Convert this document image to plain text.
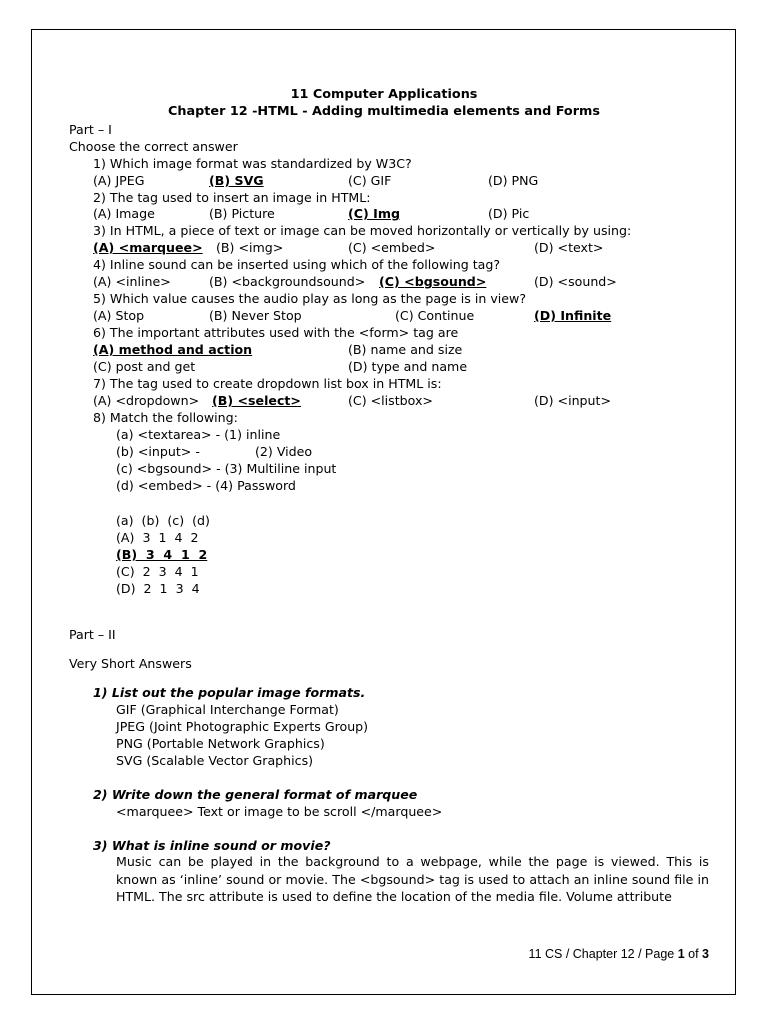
11 Computer Applications
Chapter 12 -HTML - Adding multimedia elements and Forms
Part – I
Choose the correct answer
1) Which image format was standardized by W3C?
(A) JPEG	(B) SVG	(C) GIF	(D) PNG
2) The tag used to insert an image in HTML:
(A) Image	(B) Picture	(C) Img	(D) Pic
3) In HTML, a piece of text or image can be moved horizontally or vertically by using:
(A) <marquee> (B) <img>	(C) <embed>	(D) <text>
4) Inline sound can be inserted using which of the following tag?
(A) <inline>	(B) <backgroundsound> (C) <bgsound>	(D) <sound>
5) Which value causes the audio play as long as the page is in view?
(A) Stop	(B) Never Stop	(C) Continue	(D) Infinite
6) The important attributes used with the <form> tag are
(A) method and action	(B) name and size
(C) post and get	(D) type and name
7) The tag used to create dropdown list box in HTML is:
(A) <dropdown> (B) <select>	(C) <listbox>	(D) <input>
8) Match the following:
(a) <textarea> - (1) inline
(b) <input> -	(2) Video
(c) <bgsound> - (3) Multiline input
(d) <embed> - (4) Password
(a)  (b)  (c)  (d)
(A)  3  1  4  2
(B)  3  4  1  2
(C)  2  3  4  1
(D)  2  1  3  4
Part – II
Very Short Answers
1) List out the popular image formats.
GIF (Graphical Interchange Format)
JPEG (Joint Photographic Experts Group)
PNG (Portable Network Graphics)
SVG (Scalable Vector Graphics)
2) Write down the general format of marquee
<marquee> Text or image to be scroll </marquee>
3) What is inline sound or movie?
Music can be played in the background to a webpage, while the page is viewed. This is known as ‘inline’ sound or movie. The <bgsound> tag is used to attach an inline sound file in HTML. The src attribute is used to define the location of the media file. Volume attribute
11 CS / Chapter 12 / Page 1 of 3
